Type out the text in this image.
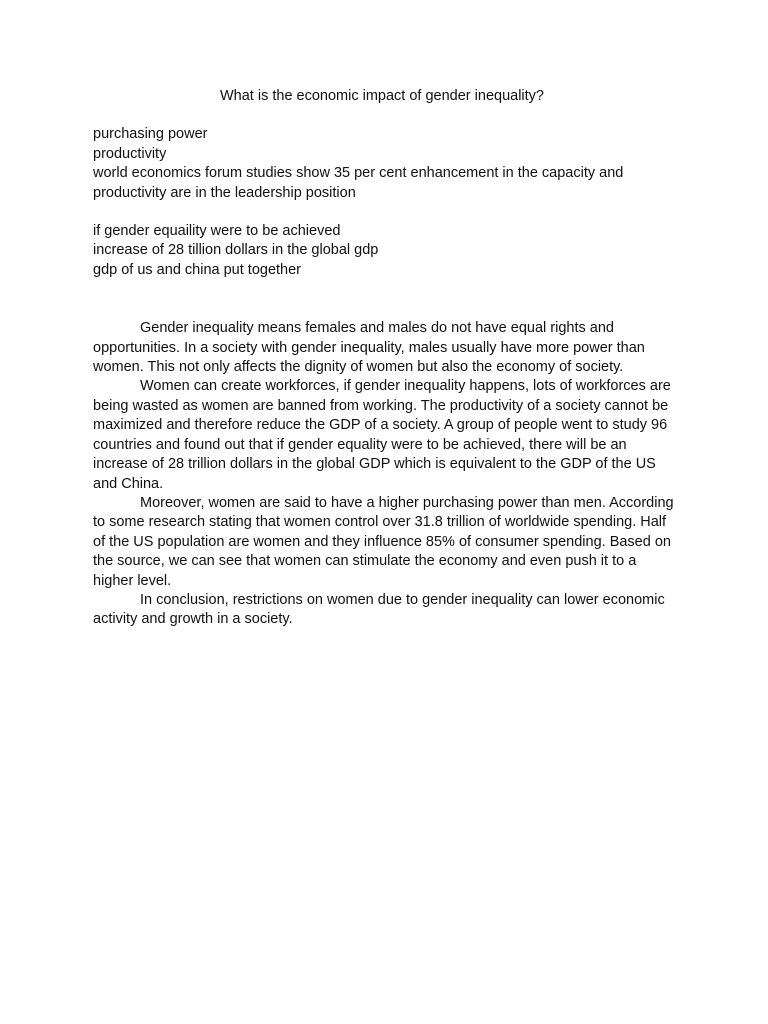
What is the economic impact of gender inequality?
purchasing power
productivity
world economics forum studies show 35 per cent enhancement in the capacity and productivity are in the leadership position
if gender equaility were to be achieved
increase of 28 tillion dollars in the global gdp
gdp of us and china put together

Gender inequality means females and males do not have equal rights and opportunities. In a society with gender inequality, males usually have more power than women. This not only affects the dignity of women but also the economy of society.

Women can create workforces, if gender inequality happens, lots of workforces are being wasted as women are banned from working. The productivity of a society cannot be maximized and therefore reduce the GDP of a society. A group of people went to study 96 countries and found out that if gender equality were to be achieved, there will be an increase of 28 trillion dollars in the global GDP which is equivalent to the GDP of the US and China.

Moreover, women are said to have a higher purchasing power than men. According to some research stating that women control over 31.8 trillion of worldwide spending. Half of the US population are women and they influence 85% of consumer spending. Based on the source, we can see that women can stimulate the economy and even push it to a higher level.

In conclusion, restrictions on women due to gender inequality can lower economic activity and growth in a society.
